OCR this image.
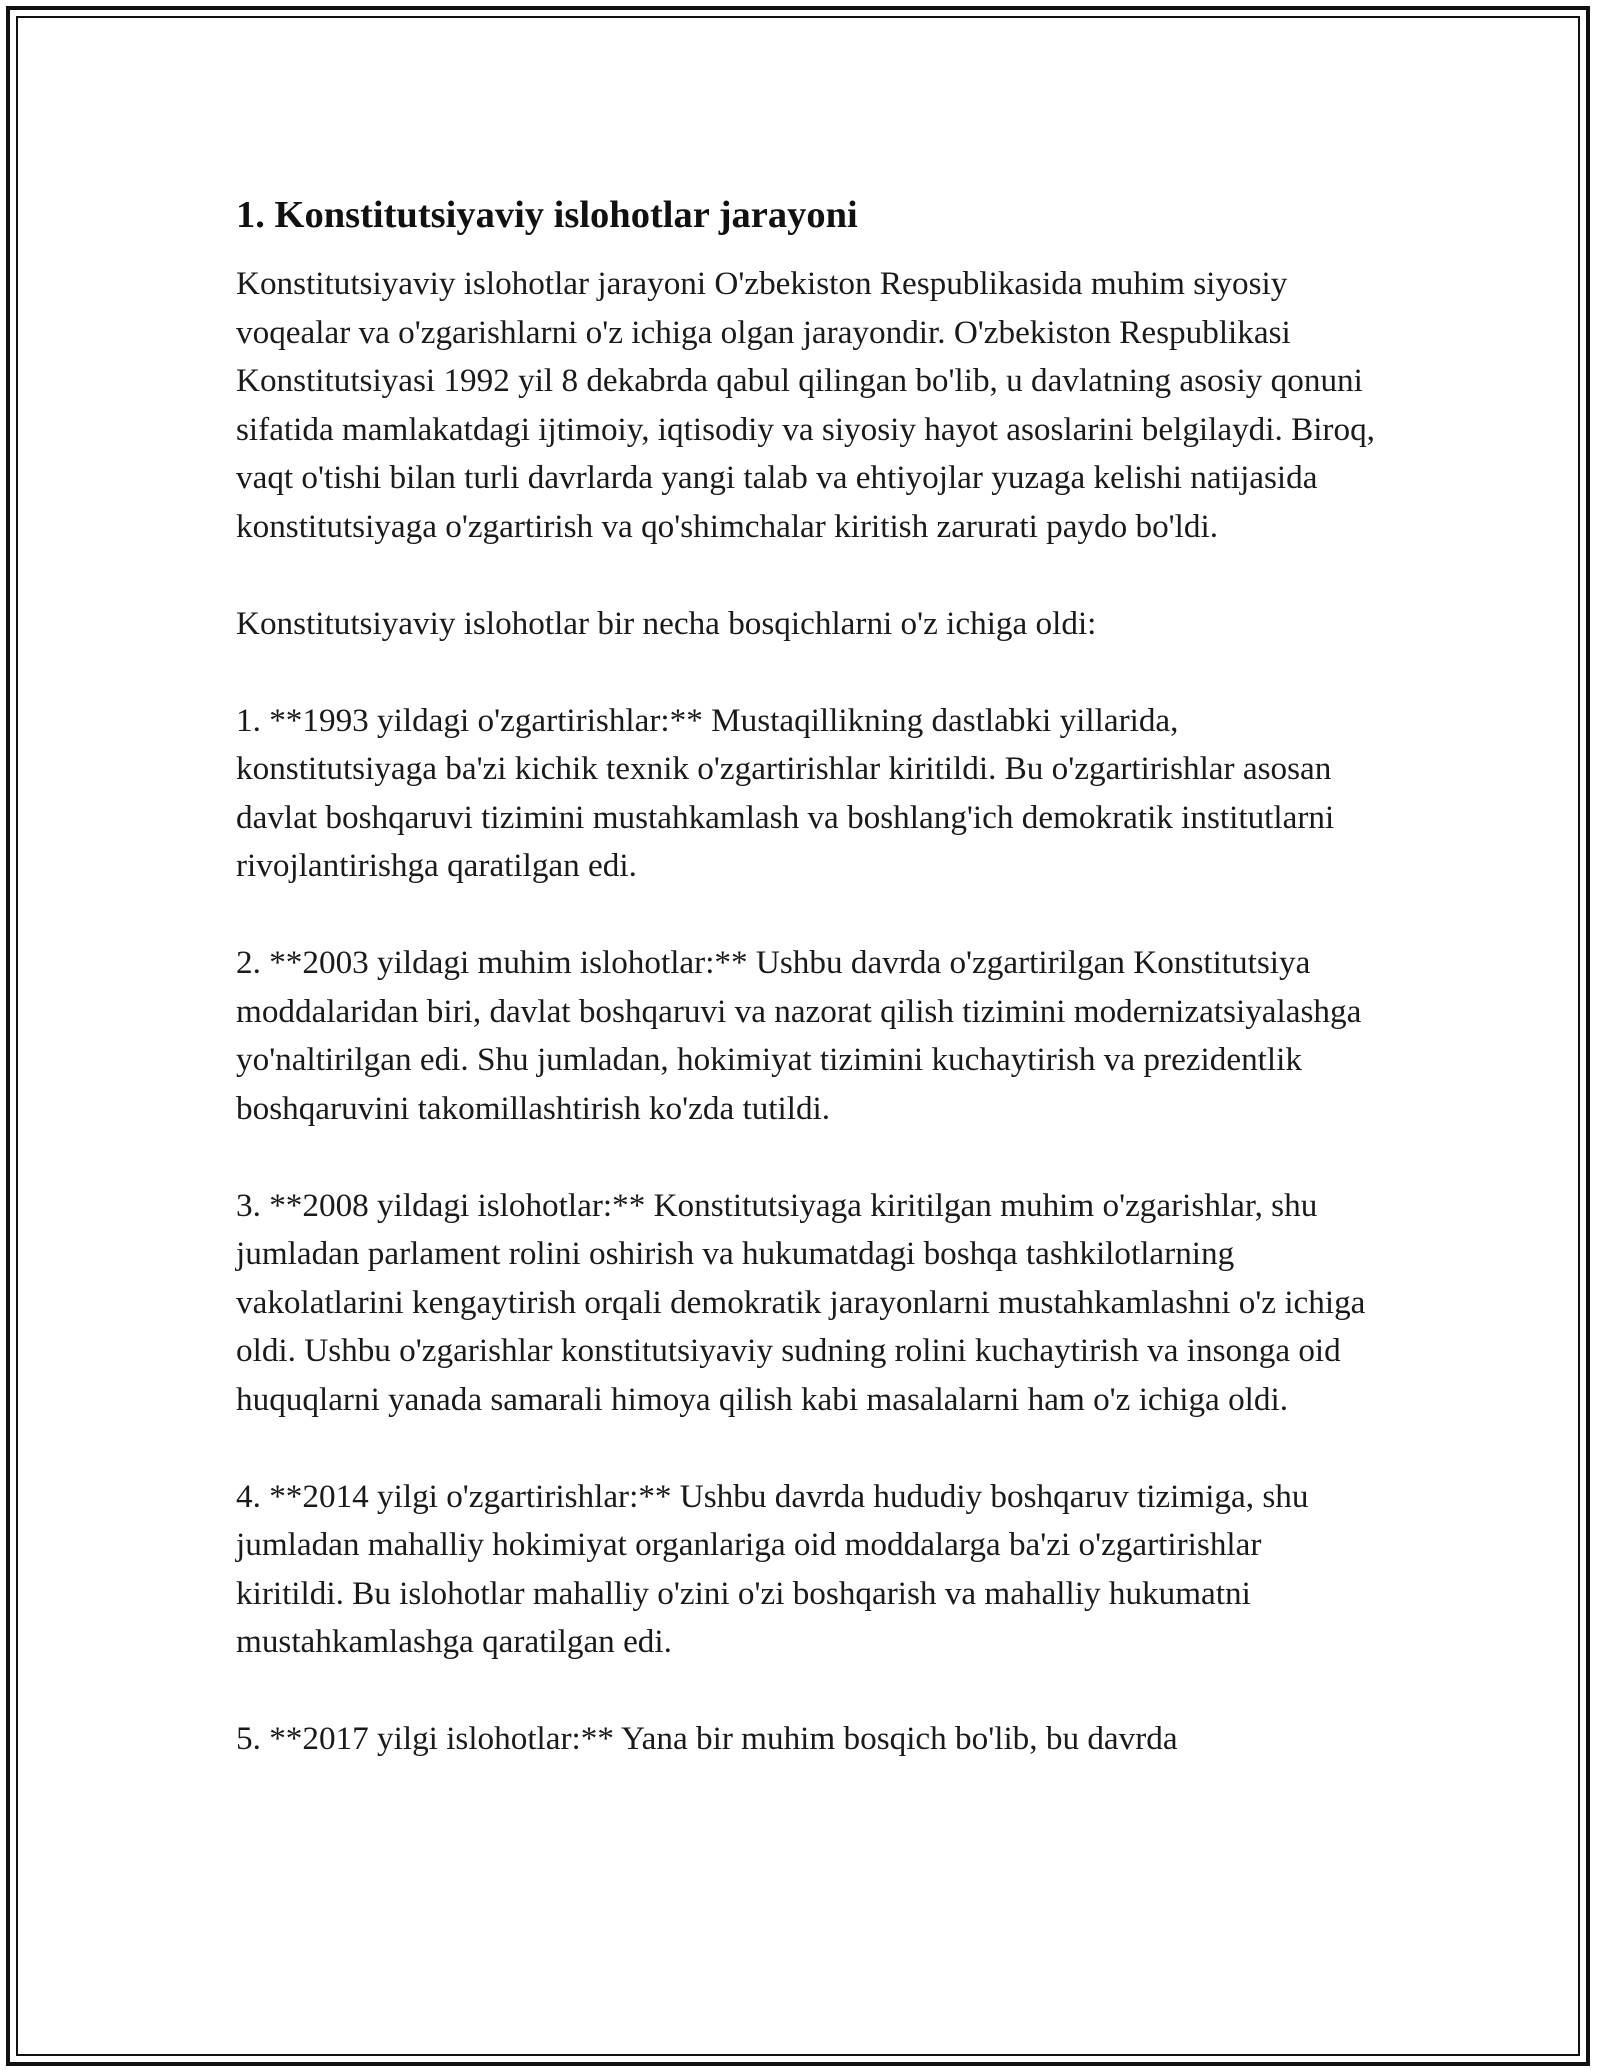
1. Konstitutsiyaviy islohotlar jarayoni

Konstitutsiyaviy islohotlar jarayoni O'zbekiston Respublikasida muhim siyosiy voqealar va o'zgarishlarni o'z ichiga olgan jarayondir. O'zbekiston Respublikasi Konstitutsiyasi 1992 yil 8 dekabrda qabul qilingan bo'lib, u davlatning asosiy qonuni sifatida mamlakatdagi ijtimoiy, iqtisodiy va siyosiy hayot asoslarini belgilaydi. Biroq, vaqt o'tishi bilan turli davrlarda yangi talab va ehtiyojlar yuzaga kelishi natijasida konstitutsiyaga o'zgartirish va qo'shimchalar kiritish zarurati paydo bo'ldi.

Konstitutsiyaviy islohotlar bir necha bosqichlarni o'z ichiga oldi:

1. **1993 yildagi o'zgartirishlar:** Mustaqillikning dastlabki yillarida, konstitutsiyaga ba'zi kichik texnik o'zgartirishlar kiritildi. Bu o'zgartirishlar asosan davlat boshqaruvi tizimini mustahkamlash va boshlang'ich demokratik institutlarni rivojlantirishga qaratilgan edi.

2. **2003 yildagi muhim islohotlar:** Ushbu davrda o'zgartirilgan Konstitutsiya moddalaridan biri, davlat boshqaruvi va nazorat qilish tizimini modernizatsiyalashga yo'naltirilgan edi. Shu jumladan, hokimiyat tizimini kuchaytirish va prezidentlik boshqaruvini takomillashtirish ko'zda tutildi.

3. **2008 yildagi islohotlar:** Konstitutsiyaga kiritilgan muhim o'zgarishlar, shu jumladan parlament rolini oshirish va hukumatdagi boshqa tashkilotlarning vakolatlarini kengaytirish orqali demokratik jarayonlarni mustahkamlashni o'z ichiga oldi. Ushbu o'zgarishlar konstitutsiyaviy sudning rolini kuchaytirish va insonga oid huquqlarni yanada samarali himoya qilish kabi masalalarni ham o'z ichiga oldi.

4. **2014 yilgi o'zgartirishlar:** Ushbu davrda hududiy boshqaruv tizimiga, shu jumladan mahalliy hokimiyat organlariga oid moddalarga ba'zi o'zgartirishlar kiritildi. Bu islohotlar mahalliy o'zini o'zi boshqarish va mahalliy hukumatni mustahkamlashga qaratilgan edi.

5. **2017 yilgi islohotlar:** Yana bir muhim bosqich bo'lib, bu davrda
